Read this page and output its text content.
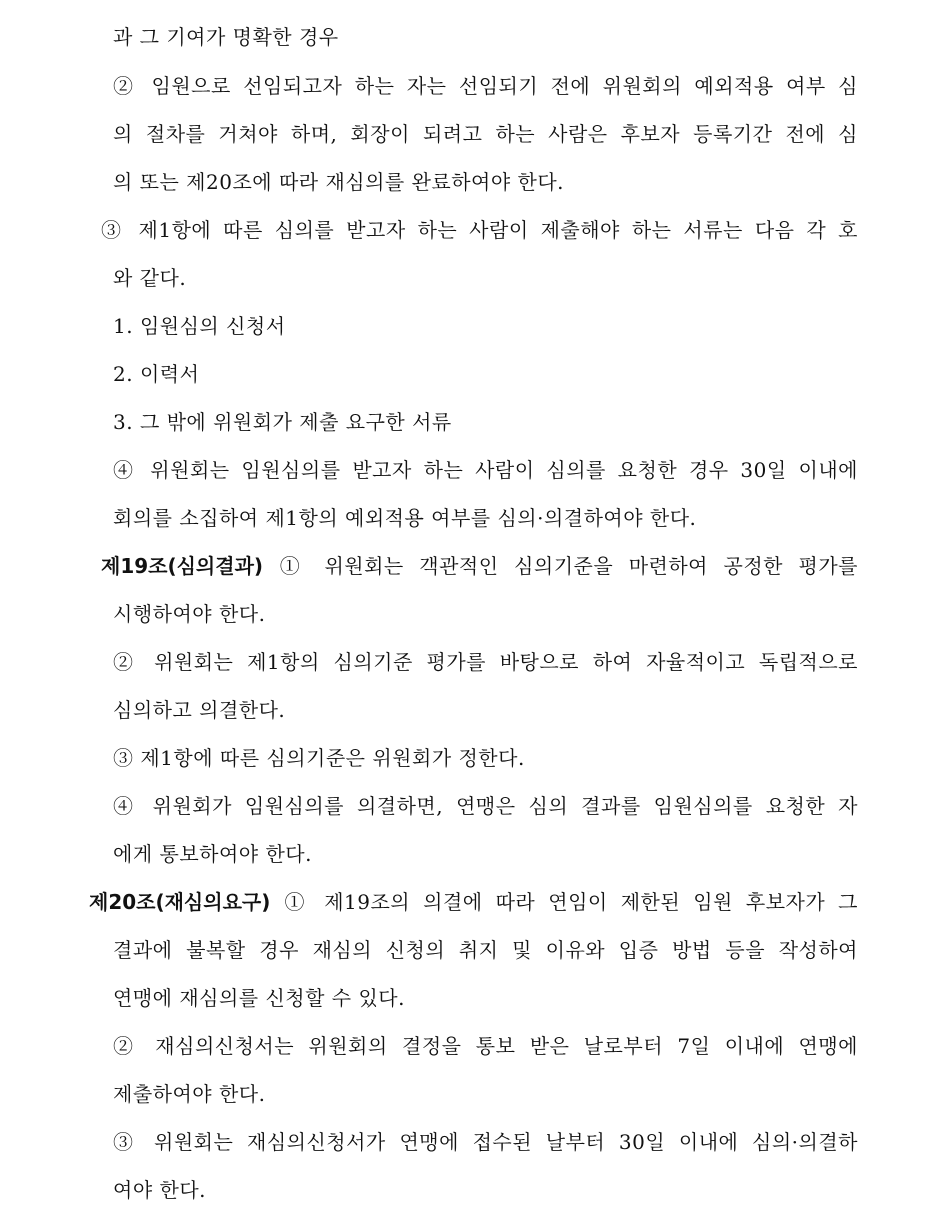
과 그 기여가 명확한 경우
② 임원으로 선임되고자 하는 자는 선임되기 전에 위원회의 예외적용 여부 심
의 절차를 거쳐야 하며, 회장이 되려고 하는 사람은 후보자 등록기간 전에 심
의 또는 제20조에 따라 재심의를 완료하여야 한다.
③ 제1항에 따른 심의를 받고자 하는 사람이 제출해야 하는 서류는 다음 각 호
와 같다.
1. 임원심의 신청서
2. 이력서
3. 그 밖에 위원회가 제출 요구한 서류
④ 위원회는 임원심의를 받고자 하는 사람이 심의를 요청한 경우 30일 이내에
회의를 소집하여 제1항의 예외적용 여부를 심의·의결하여야 한다.
제19조(심의결과) ① 위원회는 객관적인 심의기준을 마련하여 공정한 평가를
시행하여야 한다.
② 위원회는 제1항의 심의기준 평가를 바탕으로 하여 자율적이고 독립적으로
심의하고 의결한다.
③ 제1항에 따른 심의기준은 위원회가 정한다.
④ 위원회가 임원심의를 의결하면, 연맹은 심의 결과를 임원심의를 요청한 자
에게 통보하여야 한다.
제20조(재심의요구) ① 제19조의 의결에 따라 연임이 제한된 임원 후보자가 그
결과에 불복할 경우 재심의 신청의 취지 및 이유와 입증 방법 등을 작성하여
연맹에 재심의를 신청할 수 있다.
② 재심의신청서는 위원회의 결정을 통보 받은 날로부터 7일 이내에 연맹에
제출하여야 한다.
③ 위원회는 재심의신청서가 연맹에 접수된 날부터 30일 이내에 심의·의결하
여야 한다.
